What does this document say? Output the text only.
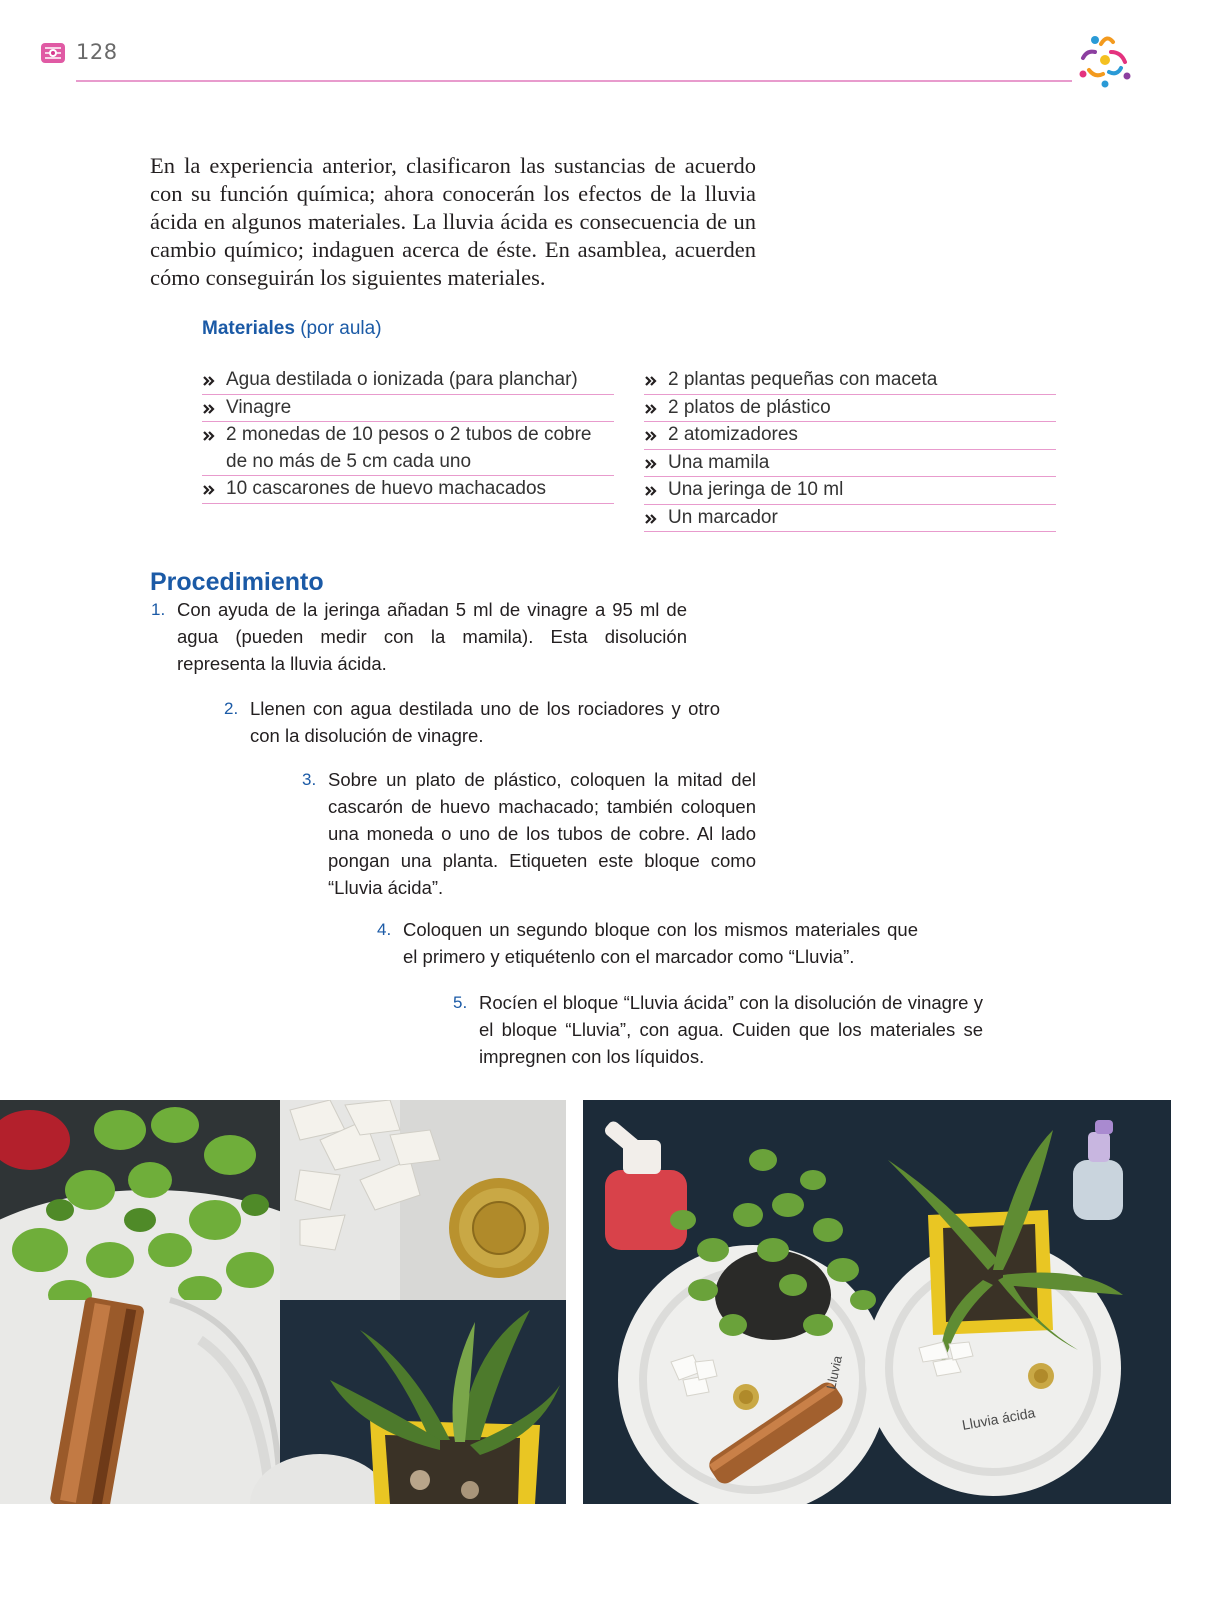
128

En la experiencia anterior, clasificaron las sustancias de acuerdo con su función química; ahora conocerán los efectos de la lluvia ácida en algunos materiales. La lluvia ácida es consecuencia de un cambio químico; indaguen acerca de éste. En asamblea, acuerden cómo conseguirán los siguientes materiales.

Materiales (por aula)

Agua destilada o ionizada (para planchar)
Vinagre
2 monedas de 10 pesos o 2 tubos de cobre de no más de 5 cm cada uno
10 cascarones de huevo machacados
2 plantas pequeñas con maceta
2 platos de plástico
2 atomizadores
Una mamila
Una jeringa de 10 ml
Un marcador
Procedimiento
1. Con ayuda de la jeringa añadan 5 ml de vinagre a 95 ml de agua (pueden medir con la mamila). Esta disolución representa la lluvia ácida.
2. Llenen con agua destilada uno de los rociadores y otro con la disolución de vinagre.
3. Sobre un plato de plástico, coloquen la mitad del cascarón de huevo machacado; también coloquen una moneda o uno de los tubos de cobre. Al lado pongan una planta. Etiqueten este bloque como “Lluvia ácida”.
4. Coloquen un segundo bloque con los mismos materiales que el primero y etiquétenlo con el marcador como “Lluvia”.
5. Rocíen el bloque “Lluvia ácida” con la disolución de vinagre y el bloque “Lluvia”, con agua. Cuiden que los materiales se impregnen con los líquidos.
Lluvia
Lluvia ácida
